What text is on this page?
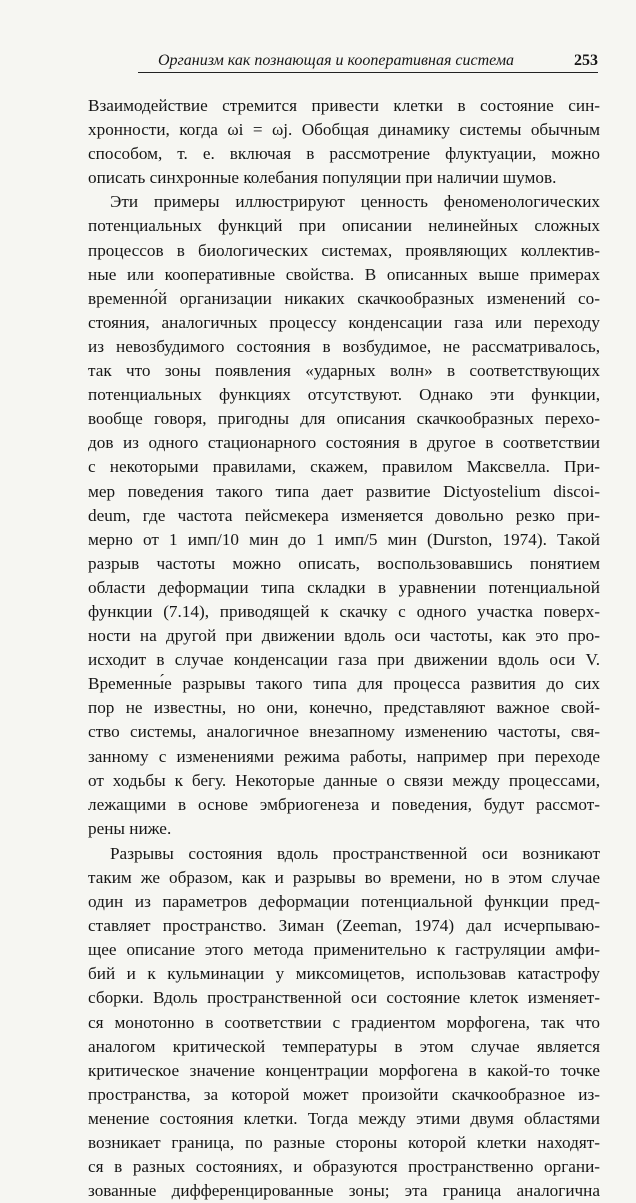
Организм как познающая и кооперативная система	253
Взаимодействие стремится привести клетки в состояние син-
хронности, когда ωi = ωj. Обобщая динамику системы обычным
способом, т. е. включая в рассмотрение флуктуации, можно
описать синхронные колебания популяции при наличии шумов.
Эти примеры иллюстрируют ценность феноменологических
потенциальных функций при описании нелинейных сложных
процессов в биологических системах, проявляющих коллектив-
ные или кооперативные свойства. В описанных выше примерах
временно́й организации никаких скачкообразных изменений со-
стояния, аналогичных процессу конденсации газа или переходу
из невозбудимого состояния в возбудимое, не рассматривалось,
так что зоны появления «ударных волн» в соответствующих
потенциальных функциях отсутствуют. Однако эти функции,
вообще говоря, пригодны для описания скачкообразных перехо-
дов из одного стационарного состояния в другое в соответствии
с некоторыми правилами, скажем, правилом Максвелла. При-
мер поведения такого типа дает развитие Dictyostelium discoi-
deum, где частота пейсмекера изменяется довольно резко при-
мерно от 1 имп/10 мин до 1 имп/5 мин (Durston, 1974). Такой
разрыв частоты можно описать, воспользовавшись понятием
области деформации типа складки в уравнении потенциальной
функции (7.14), приводящей к скачку с одного участка поверх-
ности на другой при движении вдоль оси частоты, как это про-
исходит в случае конденсации газа при движении вдоль оси V.
Временны́е разрывы такого типа для процесса развития до сих
пор не известны, но они, конечно, представляют важное свой-
ство системы, аналогичное внезапному изменению частоты, свя-
занному с изменениями режима работы, например при переходе
от ходьбы к бегу. Некоторые данные о связи между процессами,
лежащими в основе эмбриогенеза и поведения, будут рассмот-
рены ниже.
Разрывы состояния вдоль пространственной оси возникают
таким же образом, как и разрывы во времени, но в этом случае
один из параметров деформации потенциальной функции пред-
ставляет пространство. Зиман (Zeeman, 1974) дал исчерпываю-
щее описание этого метода применительно к гаструляции амфи-
бий и к кульминации у миксомицетов, использовав катастрофу
сборки. Вдоль пространственной оси состояние клеток изменяет-
ся монотонно в соответствии с градиентом морфогена, так что
аналогом критической температуры в этом случае является
критическое значение концентрации морфогена в какой-то точке
пространства, за которой может произойти скачкообразное из-
менение состояния клетки. Тогда между этими двумя областями
возникает граница, по разные стороны которой клетки находят-
ся в разных состояниях, и образуются пространственно органи-
зованные дифференцированные зоны; эта граница аналогична
